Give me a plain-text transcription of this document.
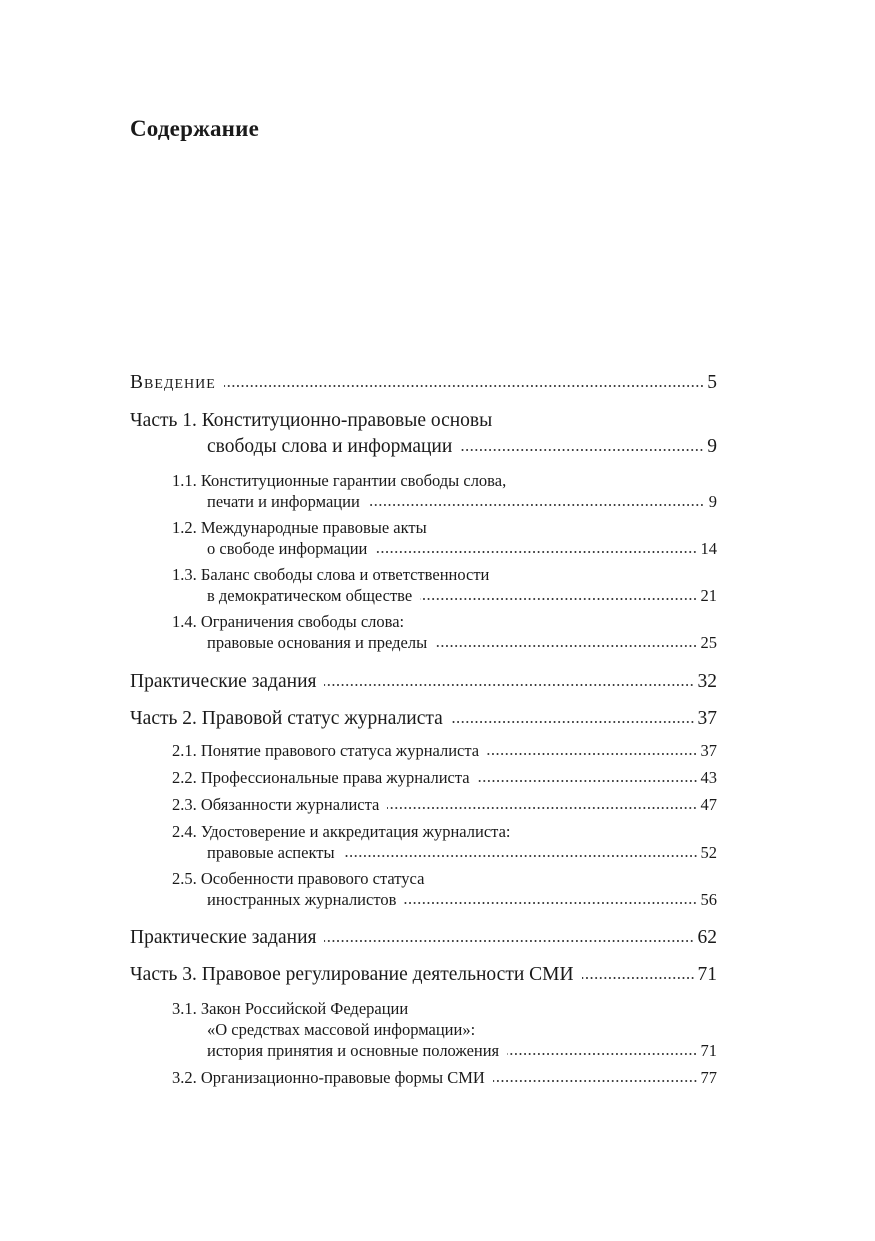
Содержание
Введение	5
Часть 1. Конституционно-правовые основы
свободы слова и информации	9
1.1. Конституционные гарантии свободы слова,
печати и информации	9
1.2. Международные правовые акты
о свободе информации	14
1.3. Баланс свободы слова и ответственности
в демократическом обществе	21
1.4. Ограничения свободы слова:
правовые основания и пределы	25
Практические задания	32
Часть 2. Правовой статус журналиста	37
2.1. Понятие правового статуса журналиста	37
2.2. Профессиональные права журналиста	43
2.3. Обязанности журналиста	47
2.4. Удостоверение и аккредитация журналиста:
правовые аспекты	52
2.5. Особенности правового статуса
иностранных журналистов	56
Практические задания	62
Часть 3. Правовое регулирование деятельности СМИ	71
3.1. Закон Российской Федерации
«О средствах массовой информации»:
история принятия и основные положения	71
3.2. Организационно-правовые формы СМИ	77
